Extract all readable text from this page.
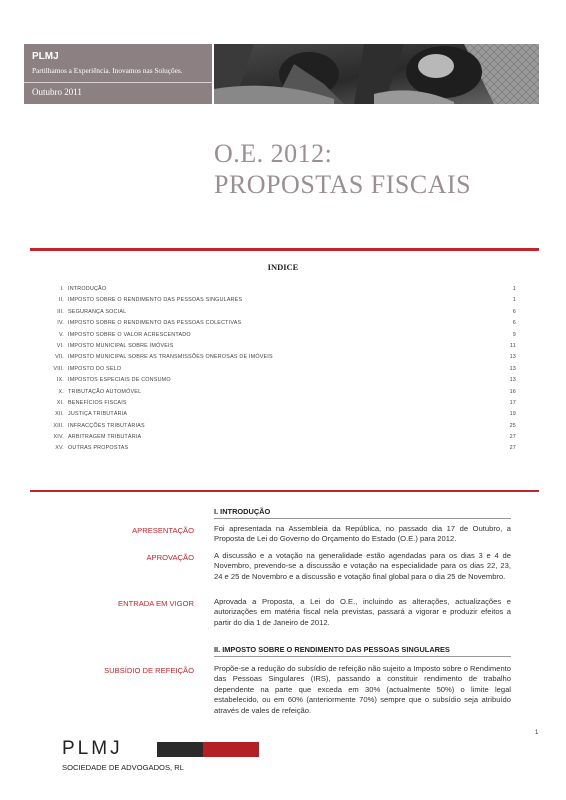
PLMJ
Partilhamos a Experiência. Inovamos nas Soluções.
Outubro 2011
O.E. 2012:
PROPOSTAS FISCAIS
INDICE
I. INTRODUÇÃO	1
II. IMPOSTO SOBRE O RENDIMENTO DAS PESSOAS SINGULARES	1
III. SEGURANÇA SOCIAL	6
IV. IMPOSTO SOBRE O RENDIMENTO DAS PESSOAS COLECTIVAS	6
V. IMPOSTO SOBRE O VALOR ACRESCENTADO	9
VI. IMPOSTO MUNICIPAL SOBRE IMÓVEIS	11
VII. IMPOSTO MUNICIPAL SOBRE AS TRANSMISSÕES ONEROSAS DE IMÓVEIS	13
VIII. IMPOSTO DO SELO	13
IX. IMPOSTOS ESPECIAIS DE CONSUMO	13
X. TRIBUTAÇÃO AUTOMÓVEL	16
XI. BENEFÍCIOS FISCAIS	17
XII. JUSTIÇA TRIBUTÁRIA	19
XIII. INFRACÇÕES TRIBUTÁRIAS	25
XIV. ARBITRAGEM TRIBUTÁRIA	27
XV. OUTRAS PROPOSTAS	27
I. INTRODUÇÃO
APRESENTAÇÃO	Foi apresentada na Assembleia da República, no passado dia 17 de Outubro, a Proposta de Lei do Governo do Orçamento do Estado (O.E.) para 2012.
APROVAÇÃO	A discussão e a votação na generalidade estão agendadas para os dias 3 e 4 de Novembro, prevendo-se a discussão e votação na especialidade para os dias 22, 23, 24 e 25 de Novembro e a discussão e votação final global para o dia 25 de Novembro.
ENTRADA EM VIGOR	Aprovada a Proposta, a Lei do O.E., incluindo as alterações, actualizações e autorizações em matéria fiscal nela previstas, passará a vigorar e produzir efeitos a partir do dia 1 de Janeiro de 2012.
II. IMPOSTO SOBRE O RENDIMENTO DAS PESSOAS SINGULARES
SUBSÍDIO DE REFEIÇÃO	Propõe-se a redução do subsídio de refeição não sujeito a Imposto sobre o Rendimento das Pessoas Singulares (IRS), passando a constituir rendimento de trabalho dependente na parte que exceda em 30% (actualmente 50%) o limite legal estabelecido, ou em 60% (anteriormente 70%) sempre que o subsídio seja atribuído através de vales de refeição.
1
PLMJ
SOCIEDADE DE ADVOGADOS, RL
